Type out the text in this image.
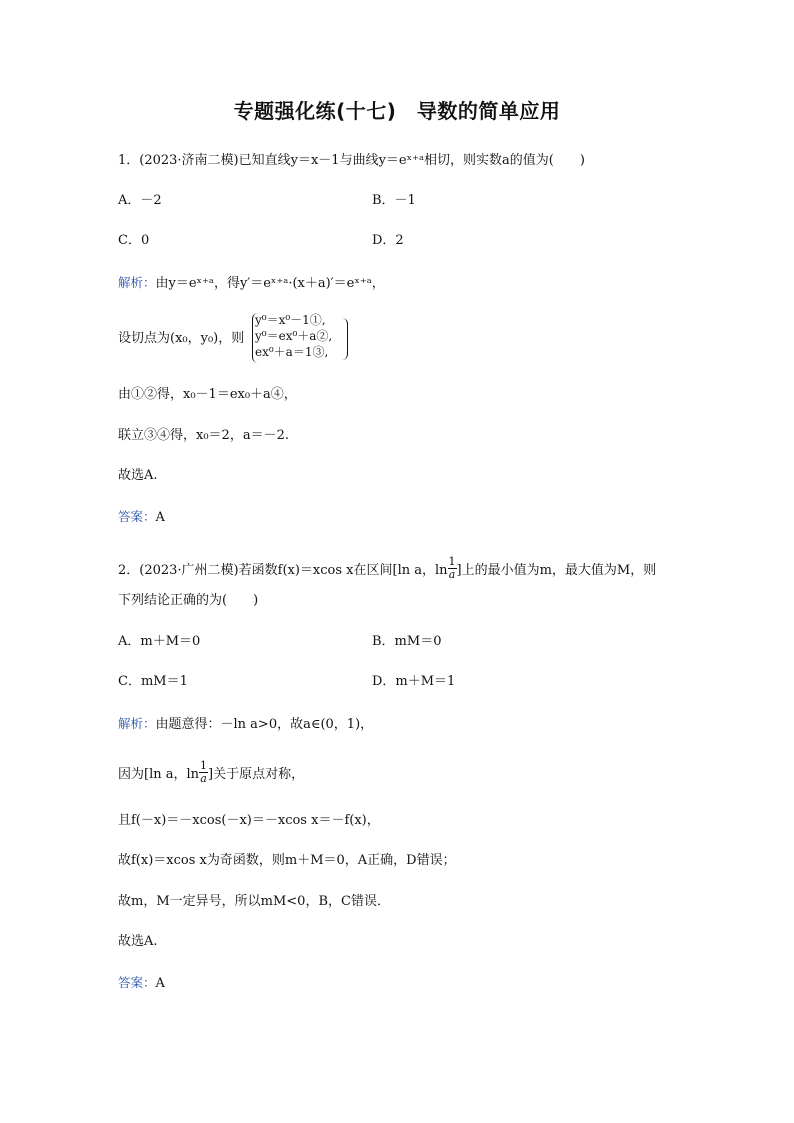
专题强化练(十七)　导数的简单应用
1．(2023·济南二模)已知直线y＝x－1与曲线y＝eˣ⁺ᵃ相切，则实数a的值为(　　)
A．－2	B．－1
C．0	D．2
解析：由y＝eˣ⁺ᵃ，得y′＝eˣ⁺ᵃ·(x＋a)′＝eˣ⁺ᵃ，
设切点为(x₀，y₀)，则
y⁰＝x⁰－1①,
y⁰＝ex⁰＋a②,
ex⁰＋a＝1③,
由①②得，x₀－1＝ex₀＋a④，
联立③④得，x₀＝2，a＝－2.
故选A.
答案：A
2．(2023·广州二模)若函数f(x)＝xcos x在区间[ln a，$\ln \frac{1}{a}$ ]上的最小值为m，最大值为M，则
下列结论正确的为(　　)
A．m＋M＝0	B．mM＝0
C．mM＝1	D．m＋M＝1
解析：由题意得：－ln a>0，故a∈(0，1)，
因为[ln a，$\ln \frac{1}{a}$ ]关于原点对称，
且f(－x)＝－xcos(－x)＝－xcos x＝－f(x)，
故f(x)＝xcos x为奇函数，则m＋M＝0，A正确，D错误；
故m，M一定异号，所以mM<0，B，C错误．
故选A.
答案：A
